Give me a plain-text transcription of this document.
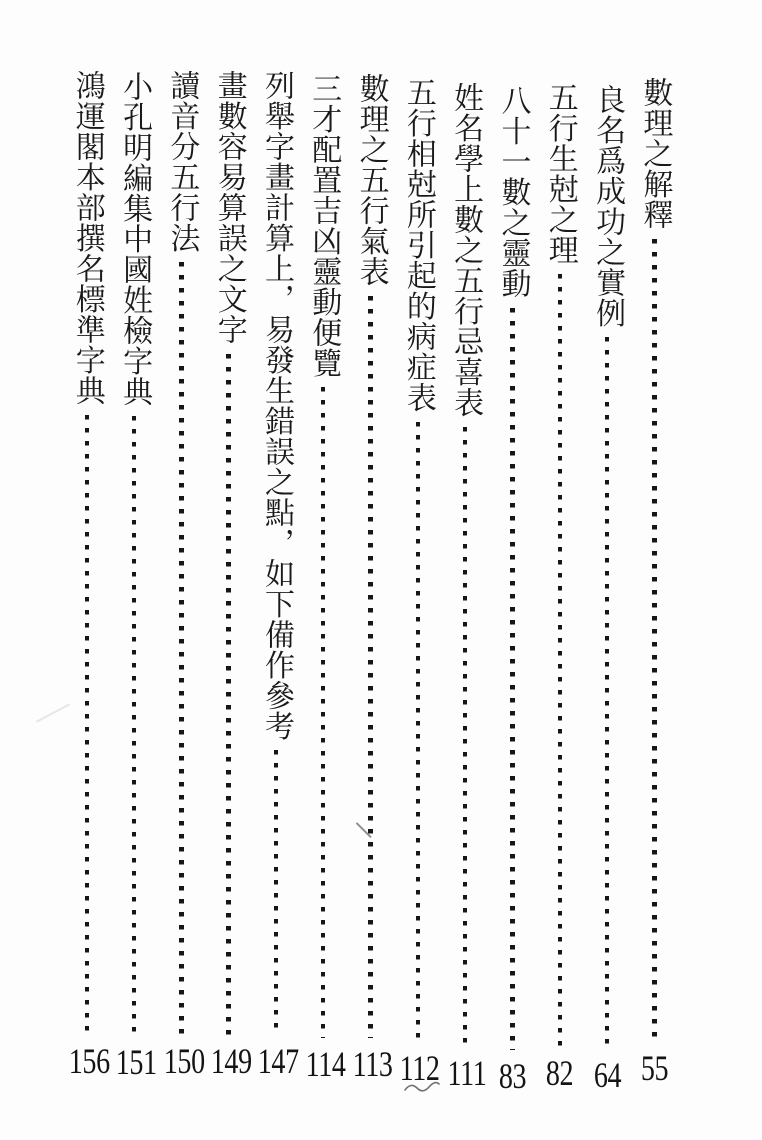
數理之解釋
55
良名爲成功之實例
64
五行生尅之理
82
八十一數之靈動
83
姓名學上數之五行忌喜表
111
五行相尅所引起的病症表
112
數理之五行氣表
113
三才配置吉凶靈動便覽
114
列舉字畫計算上，易發生錯誤之點，如下備作參考
147
畫數容易算誤之文字
149
讀音分五行法
150
小孔明編集中國姓檢字典
151
鴻運閣本部撰名標準字典
156
